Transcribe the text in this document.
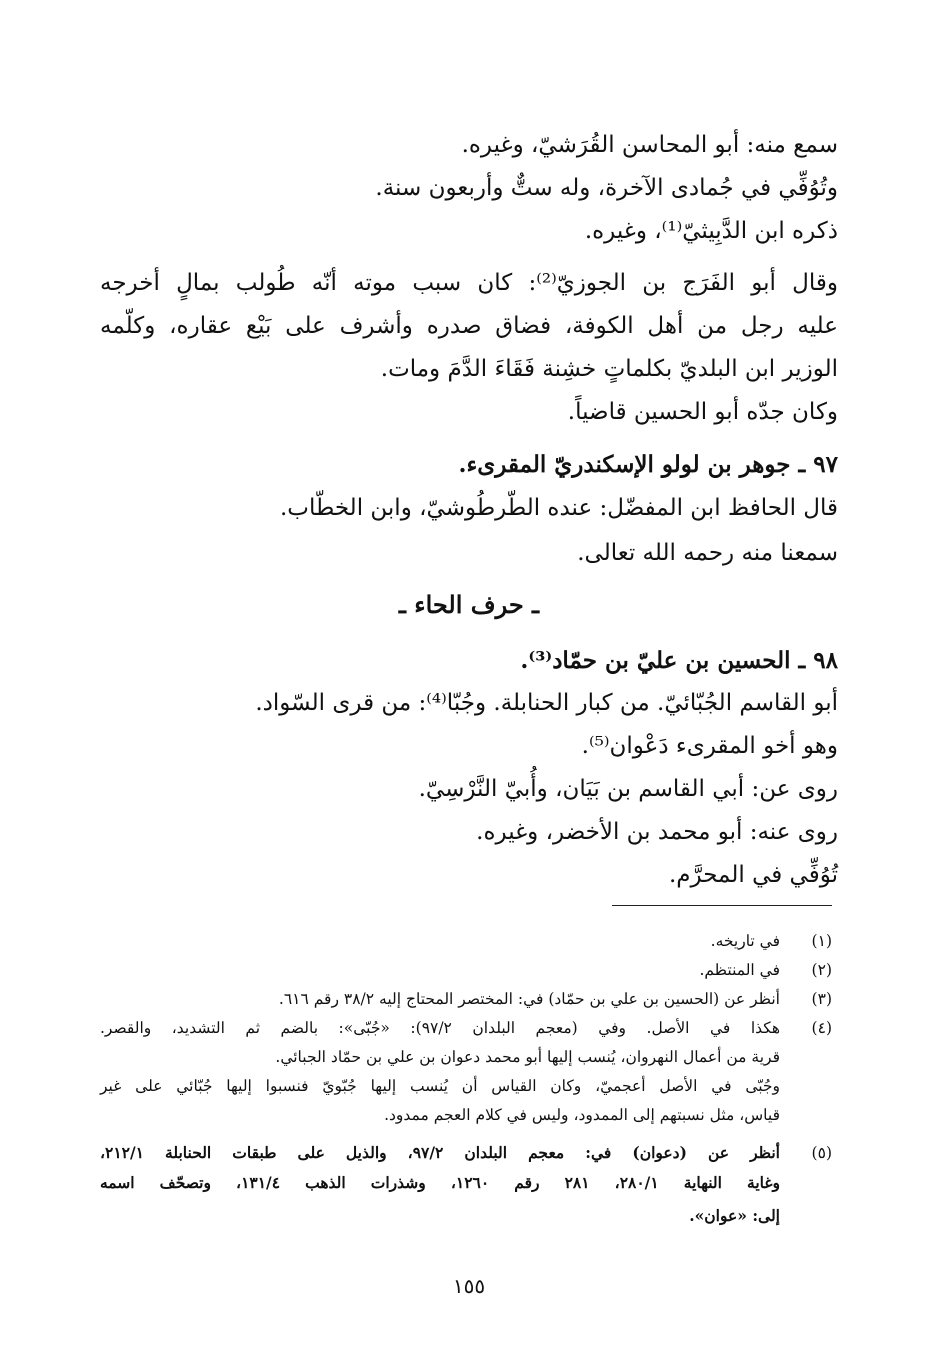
سمع منه: أبو المحاسن القُرَشيّ، وغيره.
وتُوُفِّي في جُمادى الآخرة، وله ستٌّ وأربعون سنة.
ذكره ابن الدَّبِيثيّ⁽¹⁾، وغيره.
وقال أبو الفَرَج بن الجوزيّ⁽²⁾: كان سبب موته أنّه طُولب بمالٍ أخرجه
عليه رجل من أهل الكوفة، فضاق صدره وأشرف على بَيْع عقاره، وكلّمه
الوزير ابن البلديّ بكلماتٍ خشِنة فَقَاءَ الدَّمَ ومات.
وكان جدّه أبو الحسين قاضياً.
٩٧ ـ جوهر بن لولو الإسكندريّ المقرىء.
قال الحافظ ابن المفضّل: عنده الطّرطُوشيّ، وابن الخطّاب.
سمعنا منه رحمه الله تعالى.
ـ حرف الحاء ـ
٩٨ ـ الحسين بن عليّ بن حمّاد⁽³⁾.
أبو القاسم الجُبّائيّ. من كبار الحنابلة. وجُبّا⁽⁴⁾: من قرى السّواد.
وهو أخو المقرىء دَعْوان⁽⁵⁾.
روى عن: أبي القاسم بن بَيَان، وأُبيّ النَّرْسِيّ.
روى عنه: أبو محمد بن الأخضر، وغيره.
تُوُفِّي في المحرَّم.
(١)
في تاريخه.
(٢)
في المنتظم.
(٣)
أنظر عن (الحسين بن علي بن حمّاد) في: المختصر المحتاج إليه ٣٨/٢ رقم ٦١٦.
(٤)
هكذا في الأصل. وفي (معجم البلدان ٩٧/٢): «جُبّى»: بالضم ثم التشديد، والقصر.
قرية من أعمال النهروان، يُنسب إليها أبو محمد دعوان بن علي بن حمّاد الجبائي.
وجُبّى في الأصل أعجميّ، وكان القياس أن يُنسب إليها جُبّويّ فنسبوا إليها جُبّائي على غير
قياس، مثل نسبتهم إلى الممدود، وليس في كلام العجم ممدود.
(٥)
أنظر عن (دعوان) في: معجم البلدان ٩٧/٢، والذيل على طبقات الحنابلة ٢١٢/١،
وغاية النهاية ٢٨٠/١، ٢٨١ رقم ١٢٦٠، وشذرات الذهب ١٣١/٤، وتصحّف اسمه
إلى: «عوان».
١٥٥
